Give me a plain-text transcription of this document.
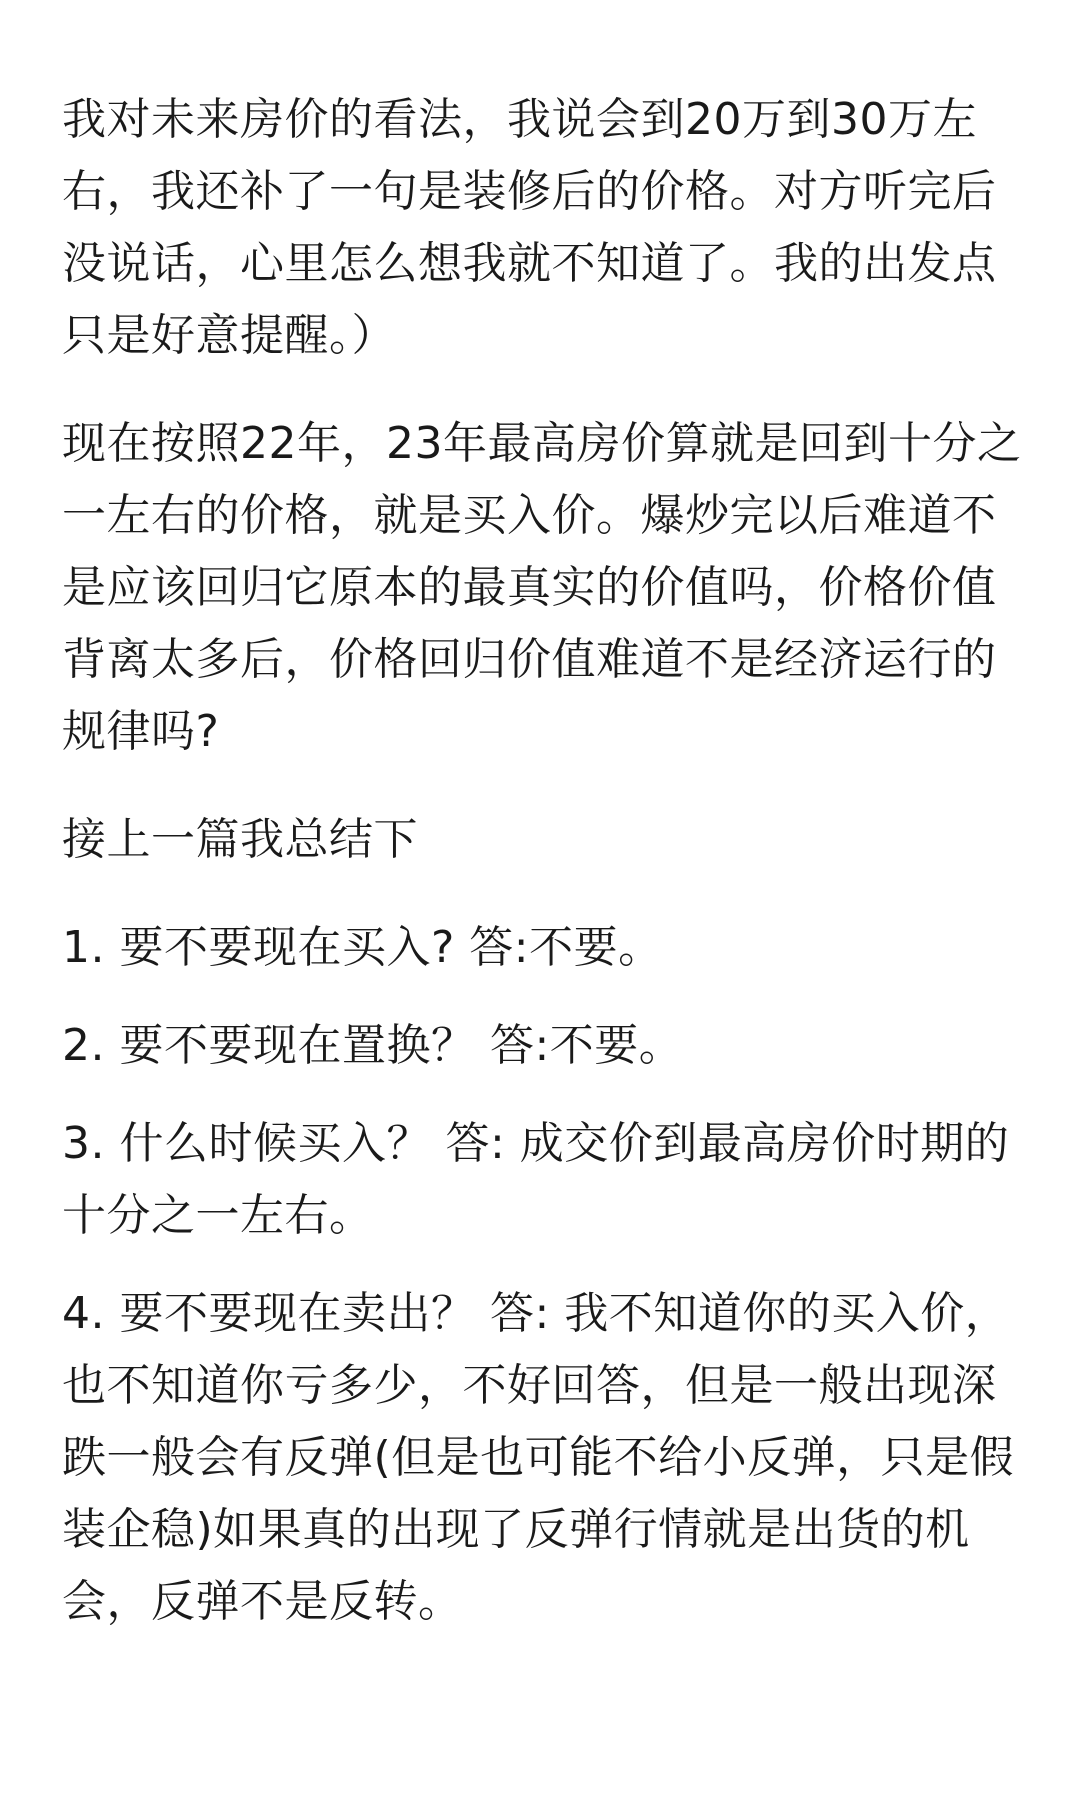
我对未来房价的看法，我说会到20万到30万左右，我还补了一句是装修后的价格。对方听完后没说话，心里怎么想我就不知道了。我的出发点只是好意提醒。）

现在按照22年，23年最高房价算就是回到十分之一左右的价格，就是买入价。爆炒完以后难道不是应该回归它原本的最真实的价值吗，价格价值背离太多后，价格回归价值难道不是经济运行的规律吗?

接上一篇我总结下

1. 要不要现在买入? 答:不要。

2. 要不要现在置换？ 答:不要。

3. 什么时候买入？ 答: 成交价到最高房价时期的十分之一左右。

4. 要不要现在卖出？ 答: 我不知道你的买入价，也不知道你亏多少，不好回答，但是一般出现深跌一般会有反弹(但是也可能不给小反弹，只是假装企稳)如果真的出现了反弹行情就是出货的机会，反弹不是反转。
